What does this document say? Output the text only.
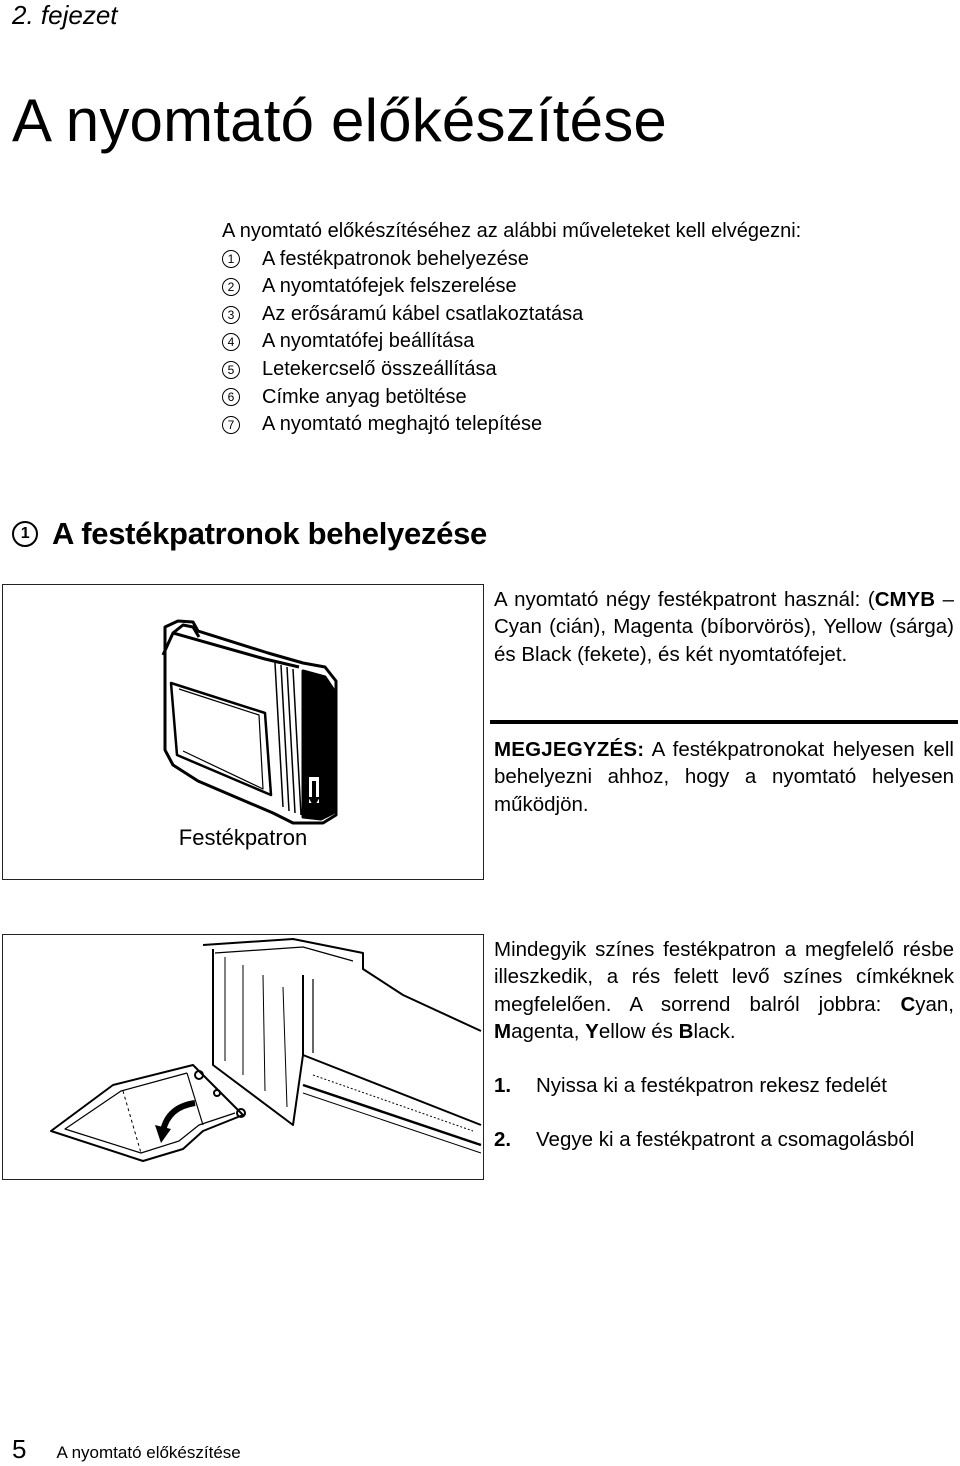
2. fejezet
A nyomtató előkészítése
A nyomtató előkészítéséhez az alábbi műveleteket kell elvégezni:
1 A festékpatronok behelyezése
2 A nyomtatófejek felszerelése
3 Az erősáramú kábel csatlakoztatása
4 A nyomtatófej beállítása
5 Letekercselő összeállítása
6 Címke anyag betöltése
7 A nyomtató meghajtó telepítése
1 A festékpatronok behelyezése
Festékpatron
A nyomtató négy festékpatront használ: (CMYB – Cyan (cián), Magenta (bíborvörös), Yellow (sárga) és Black (fekete), és két nyomtatófejet.
MEGJEGYZÉS: A festékpatronokat helyesen kell behelyezni ahhoz, hogy a nyomtató helyesen működjön.
Mindegyik színes festékpatron a megfelelő résbe illeszkedik, a rés felett levő színes címkéknek megfelelően. A sorrend balról jobbra: Cyan, Magenta, Yellow és Black.
1.	Nyissa ki a festékpatron rekesz fedelét
2.	Vegye ki a festékpatront a csomagolásból
5 A nyomtató előkészítése
